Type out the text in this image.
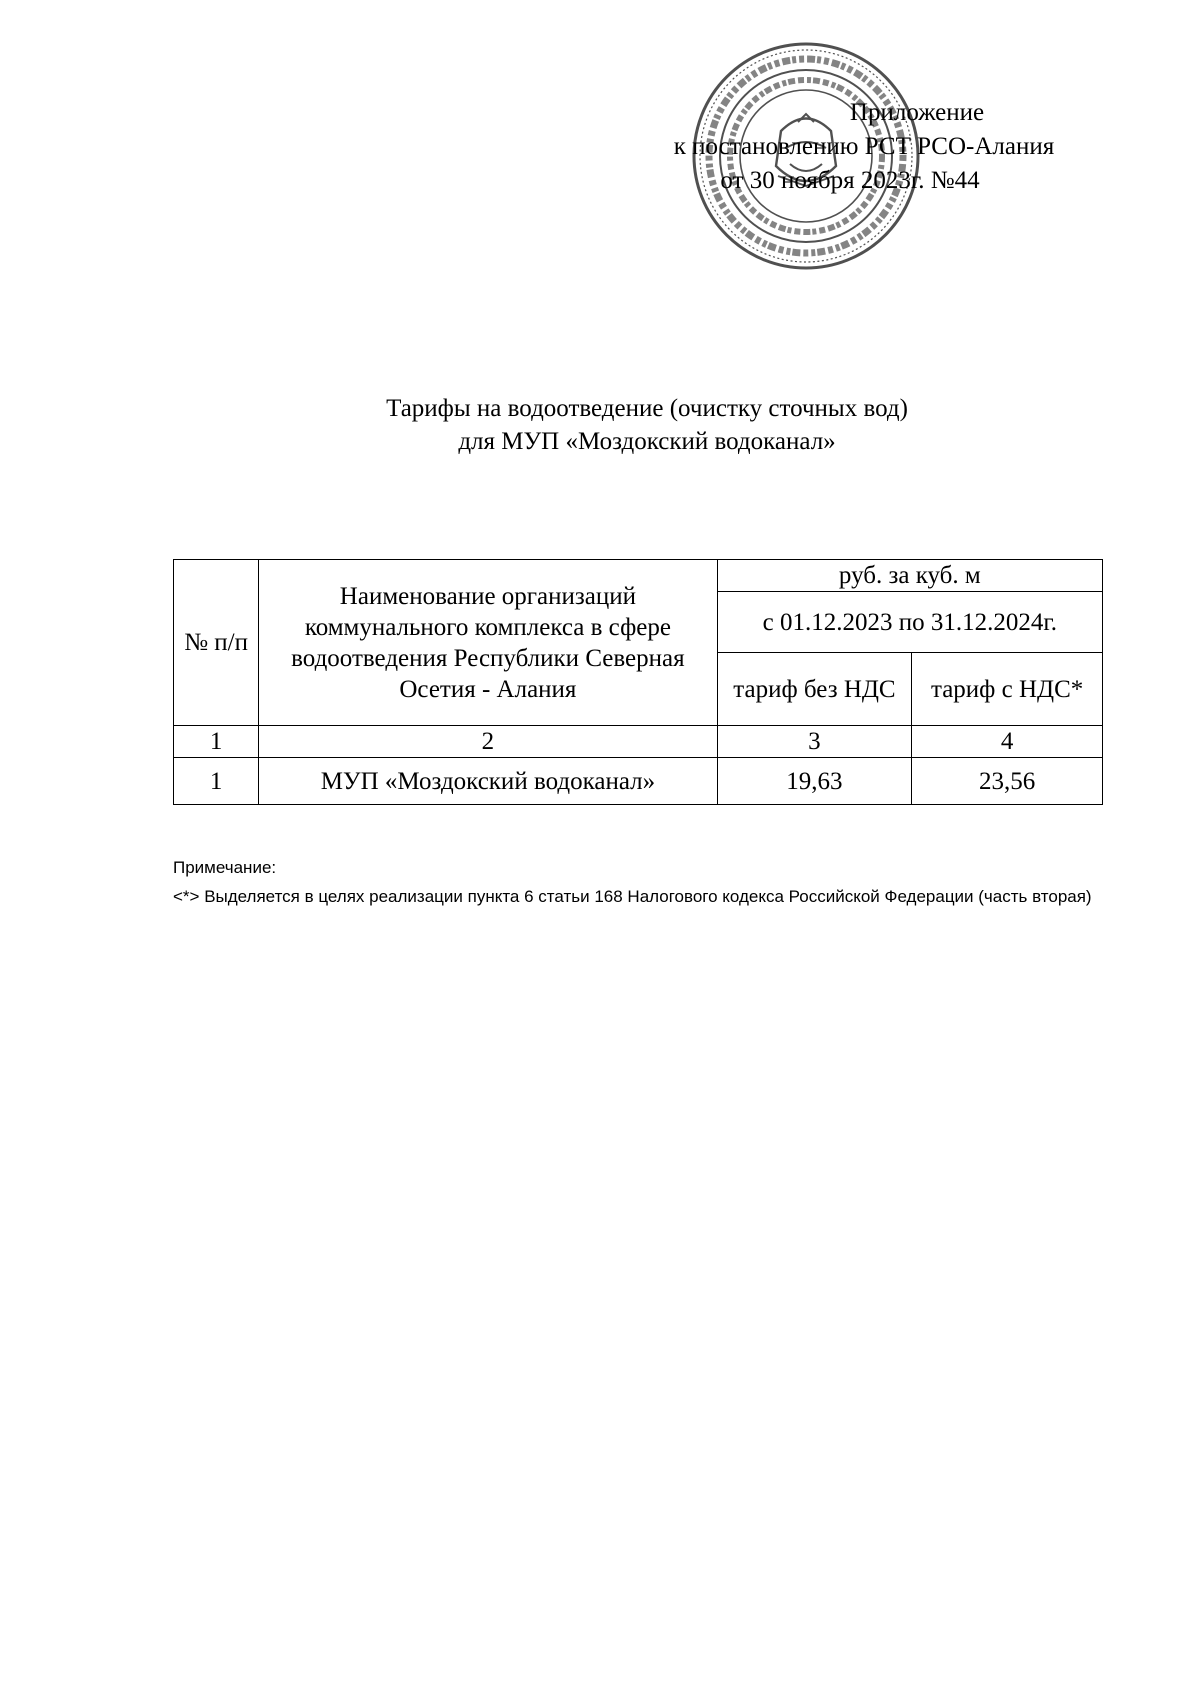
Приложение
к постановлению РСТ РСО-Алания
от 30 ноября 2023г. №44
Тарифы на водоотведение (очистку сточных вод)
для МУП «Моздокский водоканал»
№ п/п	Наименование организаций коммунального комплекса в сфере водоотведения Республики Северная Осетия - Алания	руб. за куб. м	
		с 01.12.2023 по 31.12.2024г.	
		тариф без НДС	тариф с НДС*
1	2	3	4
1	МУП «Моздокский водоканал»	19,63	23,56
Примечание:
<*> Выделяется в целях реализации пункта 6 статьи 168 Налогового кодекса Российской Федерации (часть вторая)
